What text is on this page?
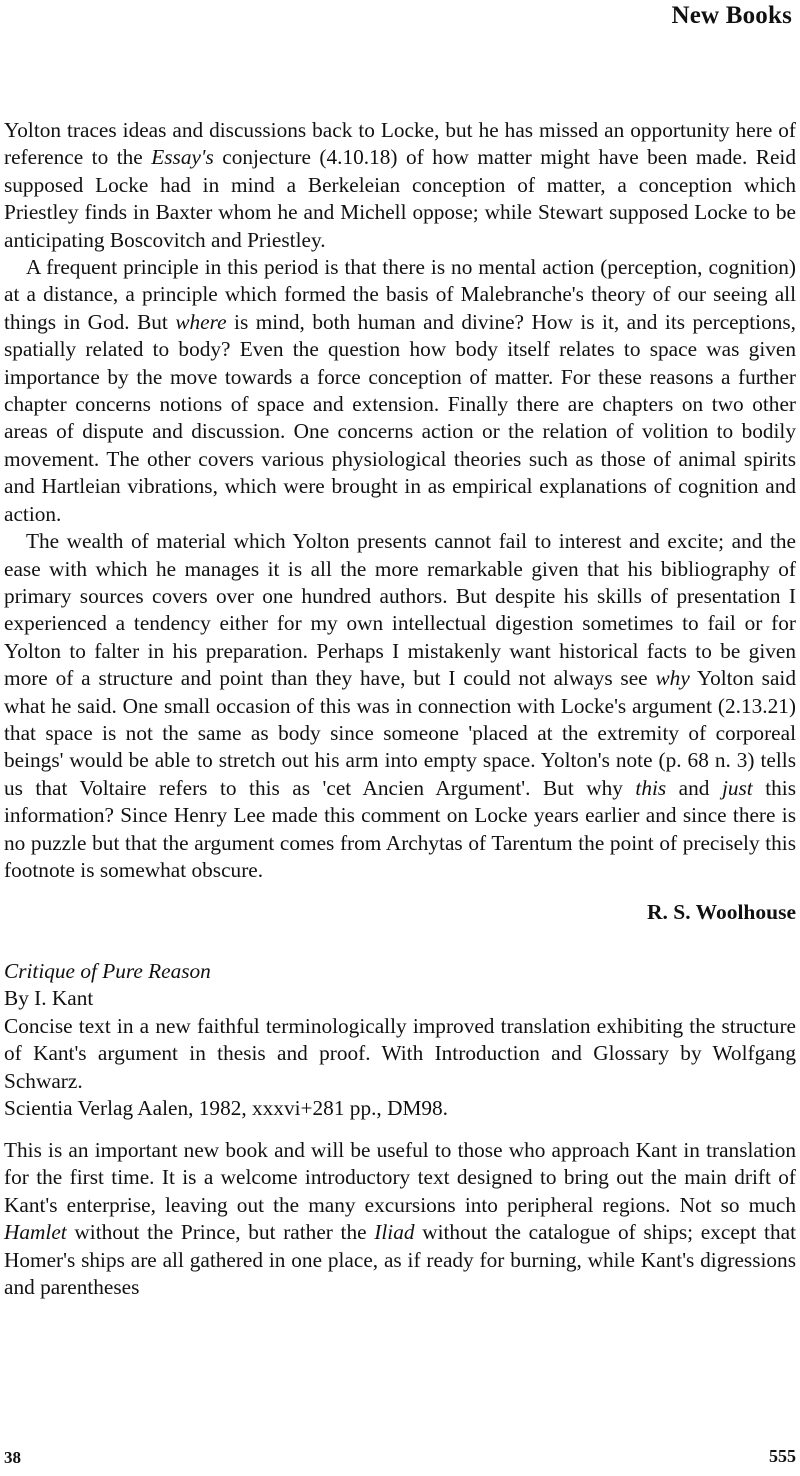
New Books

Yolton traces ideas and discussions back to Locke, but he has missed an opportunity here of reference to the Essay's conjecture (4.10.18) of how matter might have been made. Reid supposed Locke had in mind a Berkeleian conception of matter, a conception which Priestley finds in Baxter whom he and Michell oppose; while Stewart supposed Locke to be anticipating Boscovitch and Priestley.

A frequent principle in this period is that there is no mental action (perception, cognition) at a distance, a principle which formed the basis of Malebranche's theory of our seeing all things in God. But where is mind, both human and divine? How is it, and its perceptions, spatially related to body? Even the question how body itself relates to space was given importance by the move towards a force conception of matter. For these reasons a further chapter concerns notions of space and extension. Finally there are chapters on two other areas of dispute and discussion. One concerns action or the relation of volition to bodily movement. The other covers various physiological theories such as those of animal spirits and Hartleian vibrations, which were brought in as empirical explanations of cognition and action.

The wealth of material which Yolton presents cannot fail to interest and excite; and the ease with which he manages it is all the more remarkable given that his bibliography of primary sources covers over one hundred authors. But despite his skills of presentation I experienced a tendency either for my own intellectual digestion sometimes to fail or for Yolton to falter in his preparation. Perhaps I mistakenly want historical facts to be given more of a structure and point than they have, but I could not always see why Yolton said what he said. One small occasion of this was in connection with Locke's argument (2.13.21) that space is not the same as body since someone 'placed at the extremity of corporeal beings' would be able to stretch out his arm into empty space. Yolton's note (p. 68 n. 3) tells us that Voltaire refers to this as 'cet Ancien Argument'. But why this and just this information? Since Henry Lee made this comment on Locke years earlier and since there is no puzzle but that the argument comes from Archytas of Tarentum the point of precisely this footnote is somewhat obscure.

R. S. Woolhouse
Critique of Pure Reason
By I. Kant
Concise text in a new faithful terminologically improved translation exhibiting the structure of Kant's argument in thesis and proof. With Introduction and Glossary by Wolfgang Schwarz.
Scientia Verlag Aalen, 1982, xxxvi+281 pp., DM98.

This is an important new book and will be useful to those who approach Kant in translation for the first time. It is a welcome introductory text designed to bring out the main drift of Kant's enterprise, leaving out the many excursions into peripheral regions. Not so much Hamlet without the Prince, but rather the Iliad without the catalogue of ships; except that Homer's ships are all gathered in one place, as if ready for burning, while Kant's digressions and parentheses

38	555
